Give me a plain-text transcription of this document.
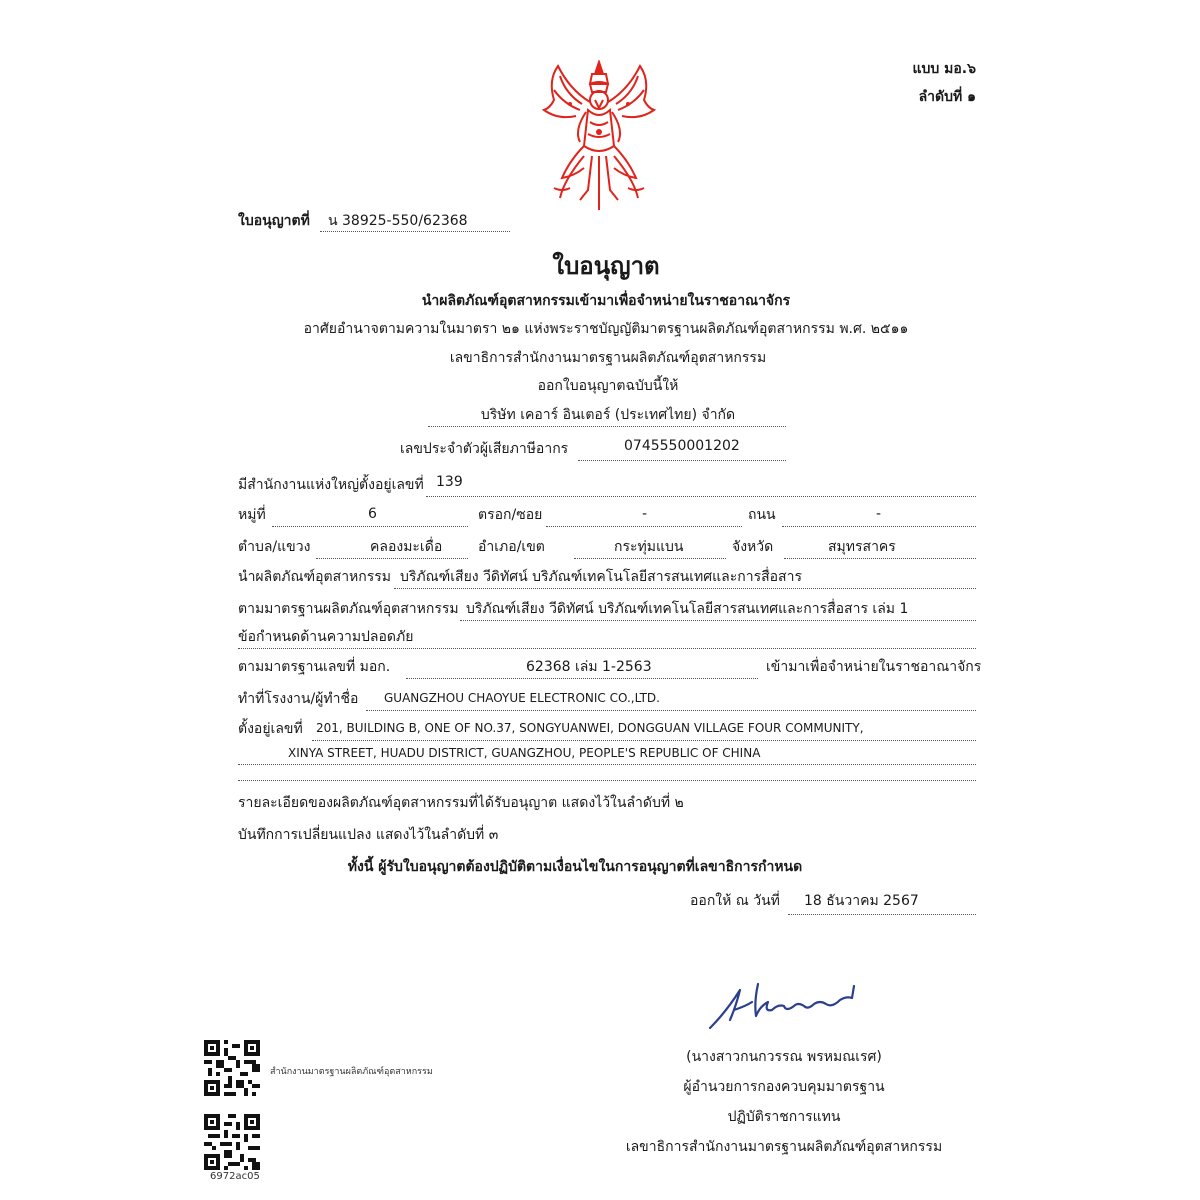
แบบ มอ.๖
ลำดับที่ ๑
ใบอนุญาตที่ น 38925-550/62368
ใบอนุญาต
นำผลิตภัณฑ์อุตสาหกรรมเข้ามาเพื่อจำหน่ายในราชอาณาจักร
อาศัยอำนาจตามความในมาตรา ๒๑ แห่งพระราชบัญญัติมาตรฐานผลิตภัณฑ์อุตสาหกรรม พ.ศ. ๒๕๑๑
เลขาธิการสำนักงานมาตรฐานผลิตภัณฑ์อุตสาหกรรม
ออกใบอนุญาตฉบับนี้ให้
บริษัท เคอาร์ อินเตอร์ (ประเทศไทย) จำกัด
เลขประจำตัวผู้เสียภาษีอากร	0745550001202
มีสำนักงานแห่งใหญ่ตั้งอยู่เลขที่ 139
หมู่ที่	6	ตรอก/ซอย	-	ถนน	-
ตำบล/แขวง	คลองมะเดื่อ	อำเภอ/เขต	กระทุ่มแบน	จังหวัด	สมุทรสาคร
นำผลิตภัณฑ์อุตสาหกรรม บริภัณฑ์เสียง วีดิทัศน์ บริภัณฑ์เทคโนโลยีสารสนเทศและการสื่อสาร
ตามมาตรฐานผลิตภัณฑ์อุตสาหกรรม บริภัณฑ์เสียง วีดิทัศน์ บริภัณฑ์เทคโนโลยีสารสนเทศและการสื่อสาร เล่ม 1
ข้อกำหนดด้านความปลอดภัย
ตามมาตรฐานเลขที่ มอก.	62368 เล่ม 1-2563	เข้ามาเพื่อจำหน่ายในราชอาณาจักร
ทำที่โรงงาน/ผู้ทำชื่อ GUANGZHOU CHAOYUE ELECTRONIC CO.,LTD.
ตั้งอยู่เลขที่ 201, BUILDING B, ONE OF NO.37, SONGYUANWEI, DONGGUAN VILLAGE FOUR COMMUNITY,
XINYA STREET, HUADU DISTRICT, GUANGZHOU, PEOPLE'S REPUBLIC OF CHINA
รายละเอียดของผลิตภัณฑ์อุตสาหกรรมที่ได้รับอนุญาต แสดงไว้ในลำดับที่ ๒
บันทึกการเปลี่ยนแปลง แสดงไว้ในลำดับที่ ๓
ทั้งนี้ ผู้รับใบอนุญาตต้องปฏิบัติตามเงื่อนไขในการอนุญาตที่เลขาธิการกำหนด
ออกให้ ณ วันที่ 18 ธันวาคม 2567
(นางสาวกนกวรรณ พรหมณเรศ)
ผู้อำนวยการกองควบคุมมาตรฐาน
ปฏิบัติราชการแทน
เลขาธิการสำนักงานมาตรฐานผลิตภัณฑ์อุตสาหกรรม
สำนักงานมาตรฐานผลิตภัณฑ์อุตสาหกรรม
6972ac05
